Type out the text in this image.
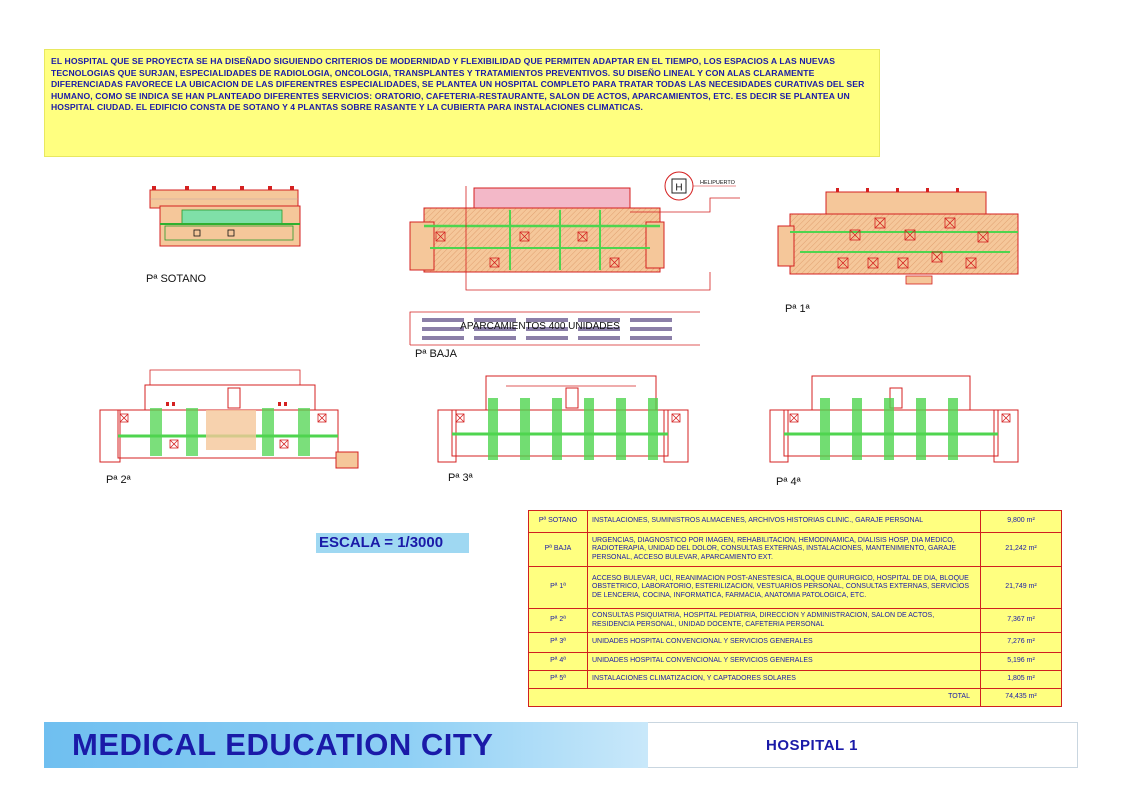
EL HOSPITAL QUE SE PROYECTA SE HA DISEÑADO SIGUIENDO CRITERIOS DE MODERNIDAD Y FLEXIBILIDAD QUE PERMITEN ADAPTAR EN EL TIEMPO, LOS ESPACIOS A LAS NUEVAS TECNOLOGIAS QUE SURJAN, ESPECIALIDADES DE RADIOLOGIA, ONCOLOGIA, TRANSPLANTES Y TRATAMIENTOS PREVENTIVOS. SU DISEÑO LINEAL Y CON ALAS CLARAMENTE DIFERENCIADAS FAVORECE LA UBICACION DE LAS DIFERENTRES ESPECIALIDADES, SE PLANTEA UN HOSPITAL COMPLETO PARA TRATAR TODAS LAS NECESIDADES CURATIVAS DEL SER HUMANO, COMO SE INDICA SE HAN PLANTEADO DIFERENTES SERVICIOS: ORATORIO, CAFETERIA-RESTAURANTE, SALON DE ACTOS, APARCAMIENTOS, ETC. ES DECIR SE PLANTEA UN HOSPITAL CIUDAD. EL EDIFICIO CONSTA DE SOTANO Y 4 PLANTAS SOBRE RASANTE Y LA CUBIERTA PARA INSTALACIONES CLIMATICAS.
H	HELIPUERTO
APARCAMIENTOS 400 UNIDADES
Pª SOTANO
Pª BAJA
Pª 1ª
Pª 2ª	Pª 3ª	Pª 4ª
ESCALA = 1/3000
Pª SOTANO	INSTALACIONES, SUMINISTROS ALMACENES, ARCHIVOS HISTORIAS CLINIC., GARAJE PERSONAL	9,800 m²
Pª BAJA	URGENCIAS, DIAGNOSTICO POR IMAGEN, REHABILITACION, HEMODINAMICA, DIALISIS HOSP, DIA MEDICO, RADIOTERAPIA, UNIDAD DEL DOLOR, CONSULTAS EXTERNAS, INSTALACIONES, MANTENIMIENTO, GARAJE PERSONAL, ACCESO BULEVAR, APARCAMIENTO EXT.	21,242 m²
Pª 1ª	ACCESO BULEVAR, UCI, REANIMACION POST-ANESTESICA, BLOQUE QUIRURGICO, HOSPITAL DE DIA, BLOQUE OBSTETRICO, LABORATORIO, ESTERILIZACION, VESTUARIOS PERSONAL, CONSULTAS EXTERNAS, SERVICIOS DE LENCERIA, COCINA, INFORMATICA, FARMACIA, ANATOMIA PATOLOGICA, ETC.	21,749 m²
Pª 2ª	CONSULTAS PSIQUIATRIA, HOSPITAL PEDIATRIA, DIRECCION Y ADMINISTRACION, SALON DE ACTOS, RESIDENCIA PERSONAL, UNIDAD DOCENTE, CAFETERIA PERSONAL	7,367 m²
Pª 3ª	UNIDADES HOSPITAL CONVENCIONAL Y SERVICIOS GENERALES	7,276 m²
Pª 4ª	UNIDADES HOSPITAL CONVENCIONAL Y SERVICIOS GENERALES	5,196 m²
Pª 5ª	INSTALACIONES CLIMATIZACION, Y CAPTADORES SOLARES	1,805 m²
TOTAL		74,435 m²
MEDICAL EDUCATION CITY	HOSPITAL 1
